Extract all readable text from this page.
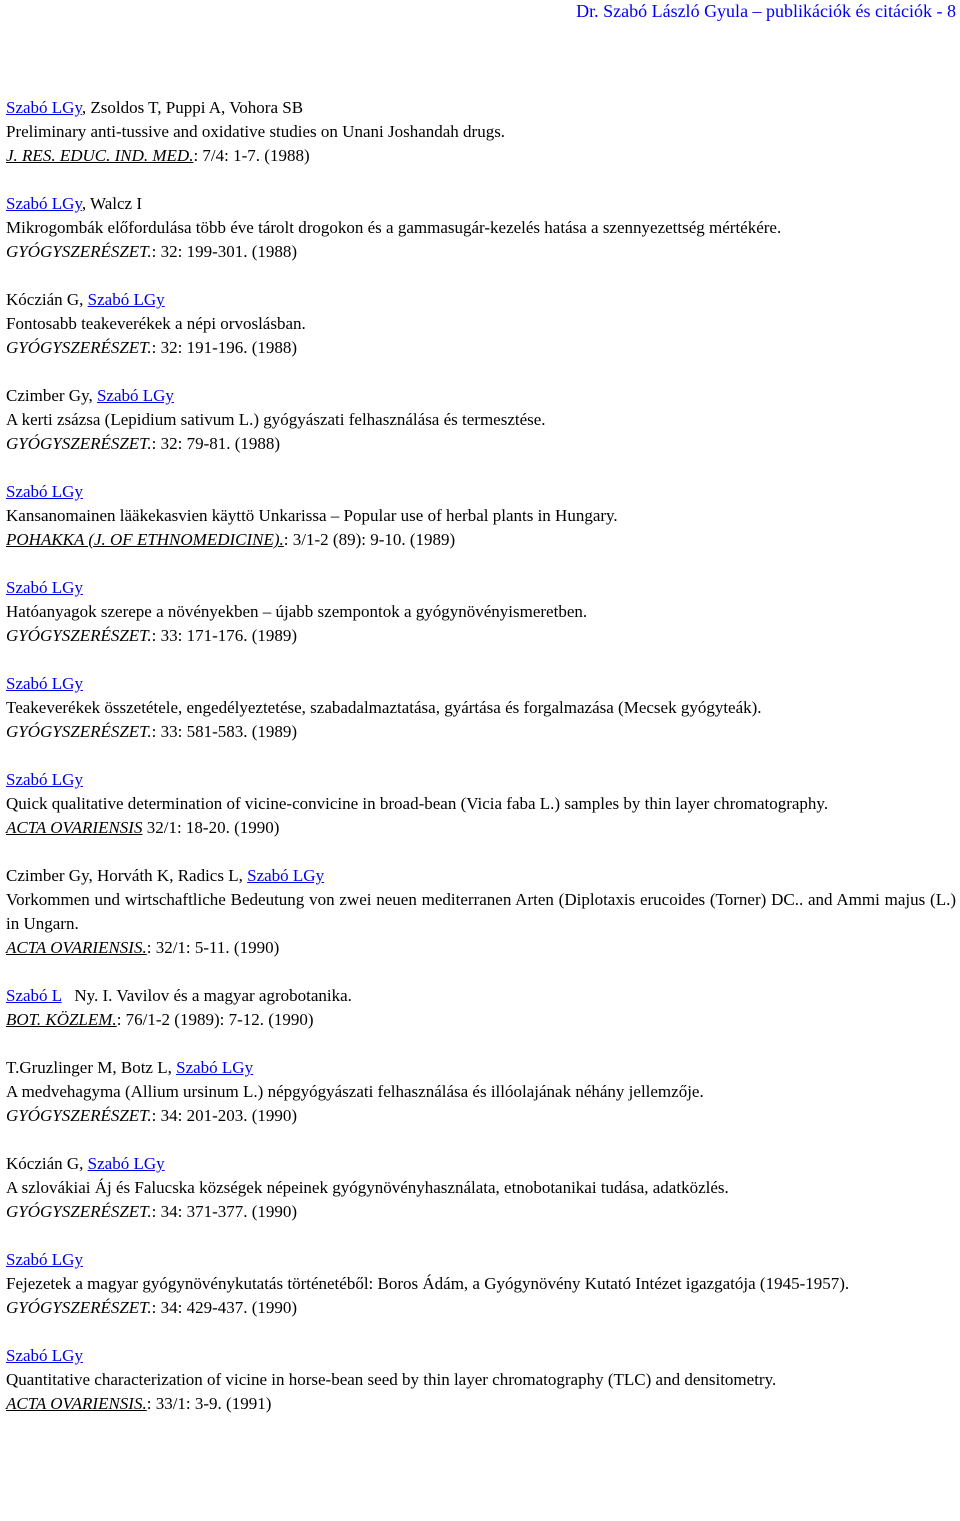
Dr. Szabó László Gyula – publikációk és citációk - 8
Szabó LGy, Zsoldos T, Puppi A, Vohora SB
Preliminary anti-tussive and oxidative studies on Unani Joshandah drugs.
J. RES. EDUC. IND. MED.: 7/4: 1-7. (1988)
Szabó LGy, Walcz I
Mikrogombák előfordulása több éve tárolt drogokon és a gammasugár-kezelés hatása a szennyezettség mértékére.
GYÓGYSZERÉSZET.: 32: 199-301. (1988)
Kóczián G, Szabó LGy
Fontosabb teakeverékek a népi orvoslásban.
GYÓGYSZERÉSZET.: 32: 191-196. (1988)
Czimber Gy, Szabó LGy
A kerti zsázsa (Lepidium sativum L.) gyógyászati felhasználása és termesztése.
GYÓGYSZERÉSZET.: 32: 79-81. (1988)
Szabó LGy
Kansanomainen lääkekasvien käyttö Unkarissa – Popular use of herbal plants in Hungary.
POHAKKA (J. OF ETHNOMEDICINE).: 3/1-2 (89): 9-10. (1989)
Szabó LGy
Hatóanyagok szerepe a növényekben – újabb szempontok a gyógynövényismeretben.
GYÓGYSZERÉSZET.: 33: 171-176. (1989)
Szabó LGy
Teakeverékek összetétele, engedélyeztetése, szabadalmaztatása, gyártása és forgalmazása (Mecsek gyógyteák).
GYÓGYSZERÉSZET.: 33: 581-583. (1989)
Szabó LGy
Quick qualitative determination of vicine-convicine in broad-bean (Vicia faba L.) samples by thin layer chromatography.
ACTA OVARIENSIS 32/1: 18-20. (1990)
Czimber Gy, Horváth K, Radics L, Szabó LGy
Vorkommen und wirtschaftliche Bedeutung von zwei neuen mediterranen Arten (Diplotaxis erucoides (Torner) DC.. and Ammi majus (L.) in Ungarn.
ACTA OVARIENSIS.: 32/1: 5-11. (1990)
Szabó L   Ny. I. Vavilov és a magyar agrobotanika.
BOT. KÖZLEM.: 76/1-2 (1989): 7-12. (1990)
T.Gruzlinger M, Botz L, Szabó LGy
A medvehagyma (Allium ursinum L.) népgyógyászati felhasználása és illóolajának néhány jellemzője.
GYÓGYSZERÉSZET.: 34: 201-203. (1990)
Kóczián G, Szabó LGy
A szlovákiai Áj és Falucska községek népeinek gyógynövényhasználata, etnobotanikai tudása, adatközlés.
GYÓGYSZERÉSZET.: 34: 371-377. (1990)
Szabó LGy
Fejezetek a magyar gyógynövénykutatás történetéből: Boros Ádám, a Gyógynövény Kutató Intézet igazgatója (1945-1957).
GYÓGYSZERÉSZET.: 34: 429-437. (1990)
Szabó LGy
Quantitative characterization of vicine in horse-bean seed by thin layer chromatography (TLC) and densitometry.
ACTA OVARIENSIS.: 33/1: 3-9. (1991)
